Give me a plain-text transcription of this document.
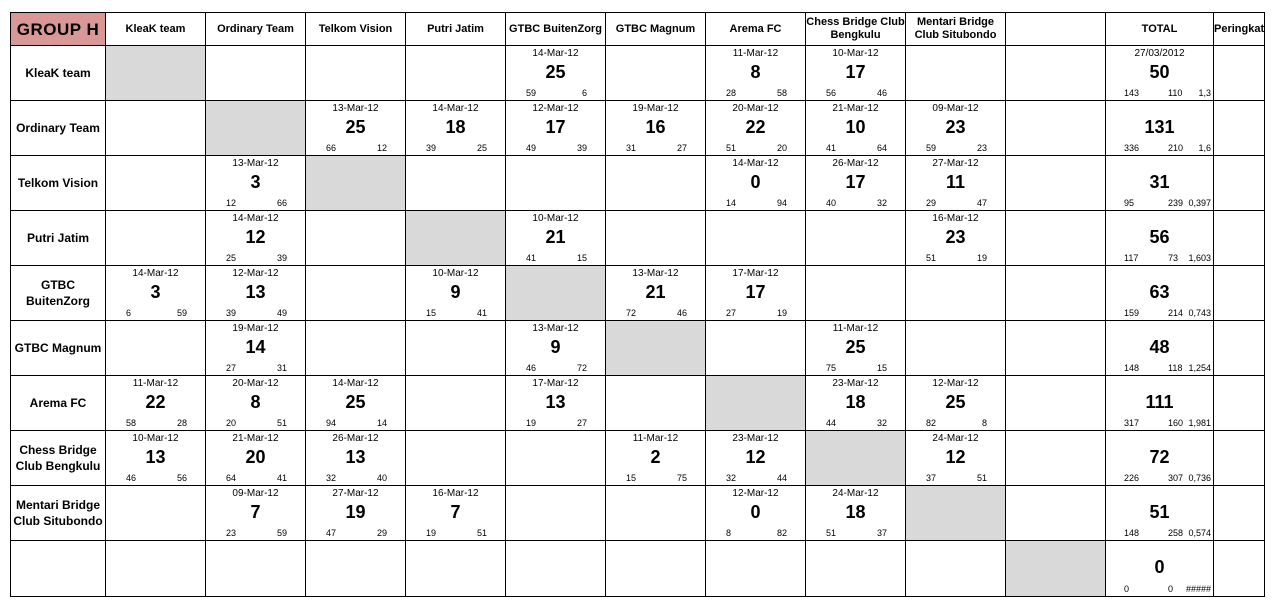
GROUP H	KleaK team	Ordinary Team	Telkom Vision	Putri Jatim	GTBC BuitenZorg	GTBC Magnum	Arema FC	Chess Bridge Club Bengkulu	Mentari Bridge Club Situbondo		TOTAL	Peringkat
KleaK team					14-Mar-12
25
59 6		11-Mar-12
8
28 58	10-Mar-12
17
56 46			27/03/2012
50
143 110 1,3	

Ordinary Team			13-Mar-12
25
66 12	14-Mar-12
18
39 25	12-Mar-12
17
49 39	19-Mar-12
16
31 27	20-Mar-12
22
51 20	21-Mar-12
10
41 64	09-Mar-12
23
59 23		131
336 210 1,6	

Telkom Vision		13-Mar-12
3
12 66					14-Mar-12
0
14 94	26-Mar-12
17
40 32	27-Mar-12
11
29 47		31
95 239 0,397	

Putri Jatim		14-Mar-12
12
25 39			10-Mar-12
21
41 15				16-Mar-12
23
51 19		56
117 73 1,603	

GTBC BuitenZorg	14-Mar-12
3
6 59	12-Mar-12
13
39 49		10-Mar-12
9
15 41		13-Mar-12
21
72 46	17-Mar-12
17
27 19				63
159 214 0,743	

GTBC Magnum		19-Mar-12
14
27 31			13-Mar-12
9
46 72			11-Mar-12
25
75 15			48
148 118 1,254	

Arema FC	11-Mar-12
22
58 28	20-Mar-12
8
20 51	14-Mar-12
25
94 14		17-Mar-12
13
19 27			23-Mar-12
18
44 32	12-Mar-12
25
82 8		111
317 160 1,981	

Chess Bridge Club Bengkulu	10-Mar-12
13
46 56	21-Mar-12
20
64 41	26-Mar-12
13
32 40			11-Mar-12
2
15 75	23-Mar-12
12
32 44		24-Mar-12
12
37 51		72
226 307 0,736	

Mentari Bridge Club Situbondo		09-Mar-12
7
23 59	27-Mar-12
19
47 29	16-Mar-12
7
19 51			12-Mar-12
0
8 82	24-Mar-12
18
51 37			51
148 258 0,574	

											0
0 0 #####	
